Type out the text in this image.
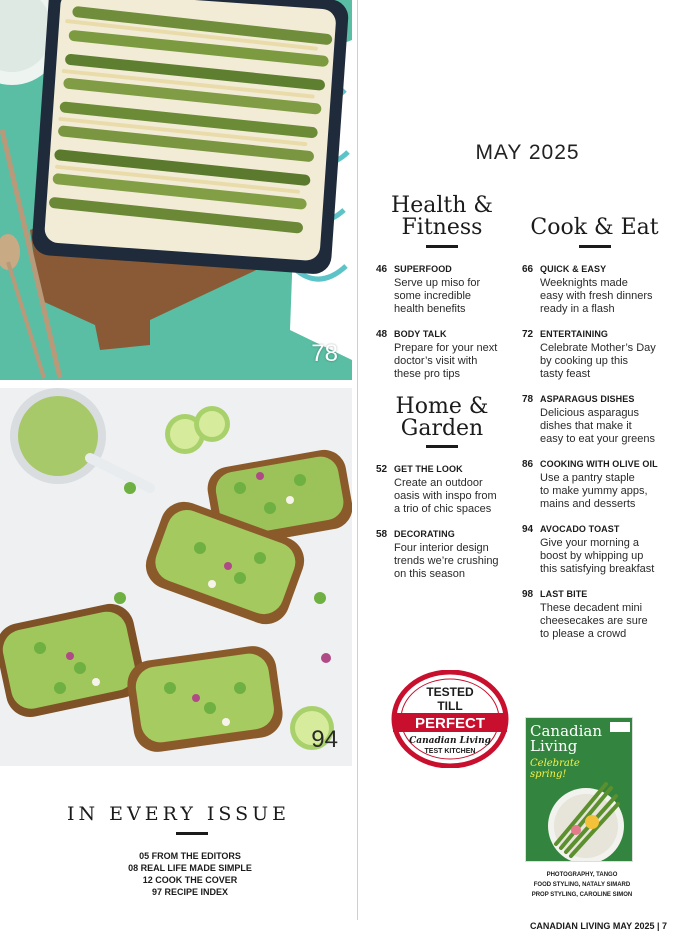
78
94
MAY 2025
Health &
Fitness
46 SUPERFOOD
Serve up miso for
some incredible
health benefits
48 BODY TALK
Prepare for your next
doctor’s visit with
these pro tips
Home &
Garden
52 GET THE LOOK
Create an outdoor
oasis with inspo from
a trio of chic spaces
58 DECORATING
Four interior design
trends we’re crushing
on this season
Cook & Eat
66 QUICK & EASY
Weeknights made
easy with fresh dinners
ready in a flash
72 ENTERTAINING
Celebrate Mother’s Day
by cooking up this
tasty feast
78 ASPARAGUS DISHES
Delicious asparagus
dishes that make it
easy to eat your greens
86 COOKING WITH OLIVE OIL
Use a pantry staple
to make yummy apps,
mains and desserts
94 AVOCADO TOAST
Give your morning a
boost by whipping up
this satisfying breakfast
98 LAST BITE
These decadent mini
cheesecakes are sure
to please a crowd
IN EVERY ISSUE
05 FROM THE EDITORS
08 REAL LIFE MADE SIMPLE
12 COOK THE COVER
97 RECIPE INDEX
TESTED
TILL
PERFECT
Canadian Living
TEST KITCHEN
Canadian
Living
Celebrate spring!
PHOTOGRAPHY, TANGO
FOOD STYLING, NATALY SIMARD
PROP STYLING, CAROLINE SIMON
CANADIAN LIVING MAY 2025 | 7
